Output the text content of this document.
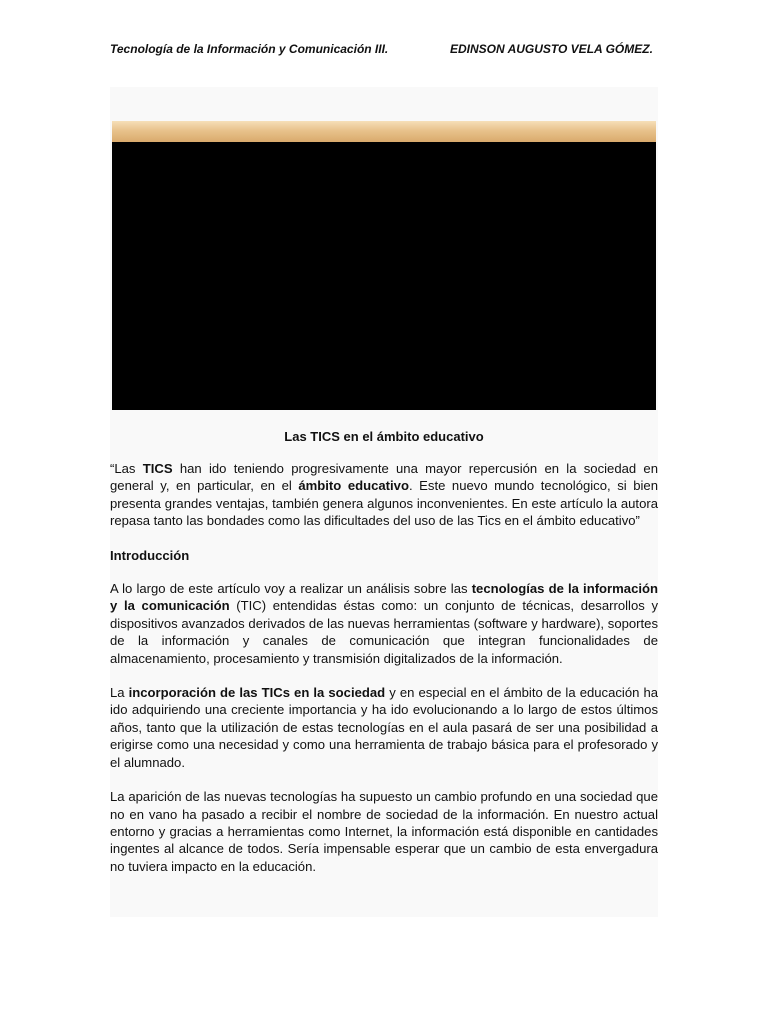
Tecnología de la Información y Comunicación III.	EDINSON AUGUSTO VELA GÓMEZ.
Las TICS en el ámbito educativo

“Las TICS han ido teniendo progresivamente una mayor repercusión en la sociedad en general y, en particular, en el ámbito educativo. Este nuevo mundo tecnológico, si bien presenta grandes ventajas, también genera algunos inconvenientes. En este artículo la autora repasa tanto las bondades como las dificultades del uso de las Tics en el ámbito educativo”

Introducción

A lo largo de este artículo voy a realizar un análisis sobre las tecnologías de la información y la comunicación (TIC) entendidas éstas como: un conjunto de técnicas, desarrollos y dispositivos avanzados derivados de las nuevas herramientas (software y hardware), soportes de la información y canales de comunicación que integran funcionalidades de almacenamiento, procesamiento y transmisión digitalizados de la información.

La incorporación de las TICs en la sociedad y en especial en el ámbito de la educación ha ido adquiriendo una creciente importancia y ha ido evolucionando a lo largo de estos últimos años, tanto que la utilización de estas tecnologías en el aula pasará de ser una posibilidad a erigirse como una necesidad y como una herramienta de trabajo básica para el profesorado y el alumnado.

La aparición de las nuevas tecnologías ha supuesto un cambio profundo en una sociedad que no en vano ha pasado a recibir el nombre de sociedad de la información. En nuestro actual entorno y gracias a herramientas como Internet, la información está disponible en cantidades ingentes al alcance de todos. Sería impensable esperar que un cambio de esta envergadura no tuviera impacto en la educación.
